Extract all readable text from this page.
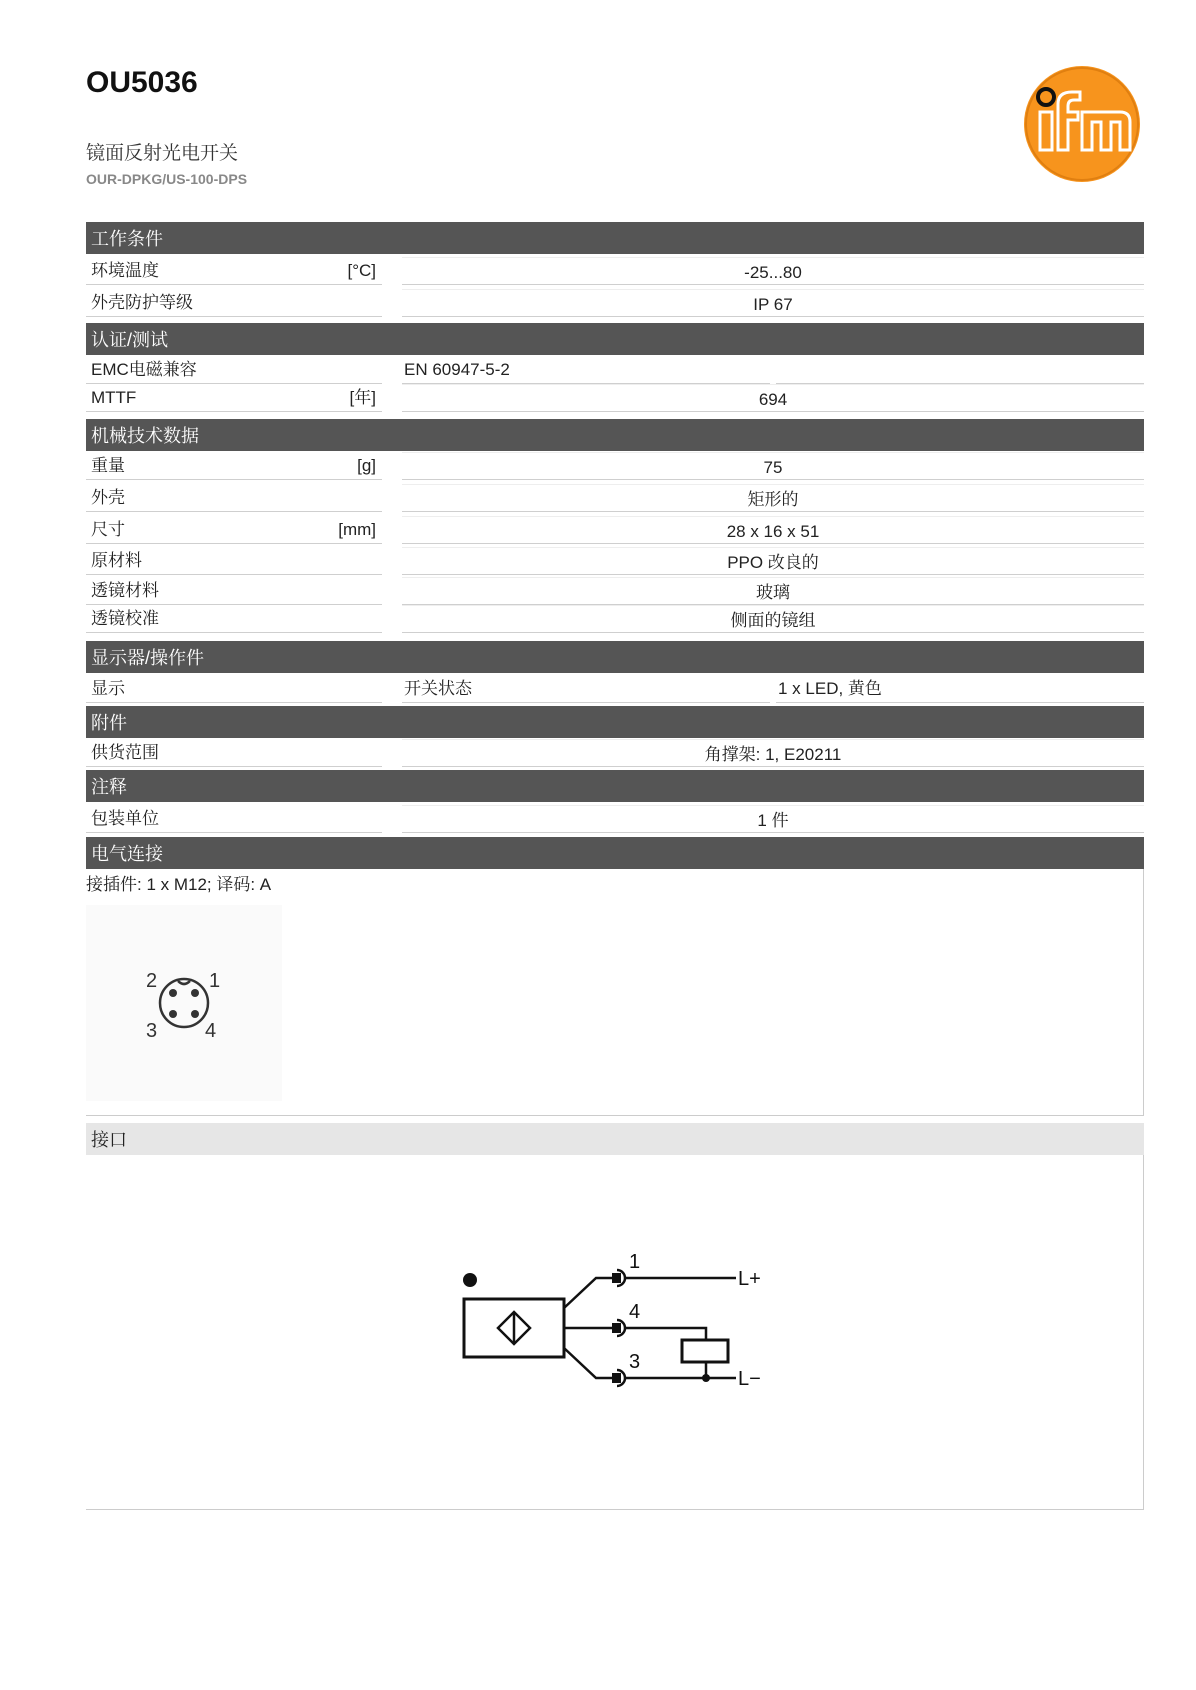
OU5036
镜面反射光电开关
OUR-DPKG/US-100-DPS
工作条件
环境温度	[°C]	-25...80
外壳防护等级	IP 67
认证/测试
EMC电磁兼容	EN 60947-5-2
MTTF	[年]	694
机械技术数据
重量	[g]	75
外壳	矩形的
尺寸	[mm]	28 x 16 x 51
原材料	PPO 改良的
透镜材料	玻璃
透镜校准	侧面的镜组
显示器/操作件
显示	开关状态	1 x LED, 黄色
附件
供货范围	角撑架: 1, E20211
注释
包装单位	1 件
电气连接
接插件: 1 x M12; 译码: A
2	1
3 4
接口
1
4
3
L+
L−
